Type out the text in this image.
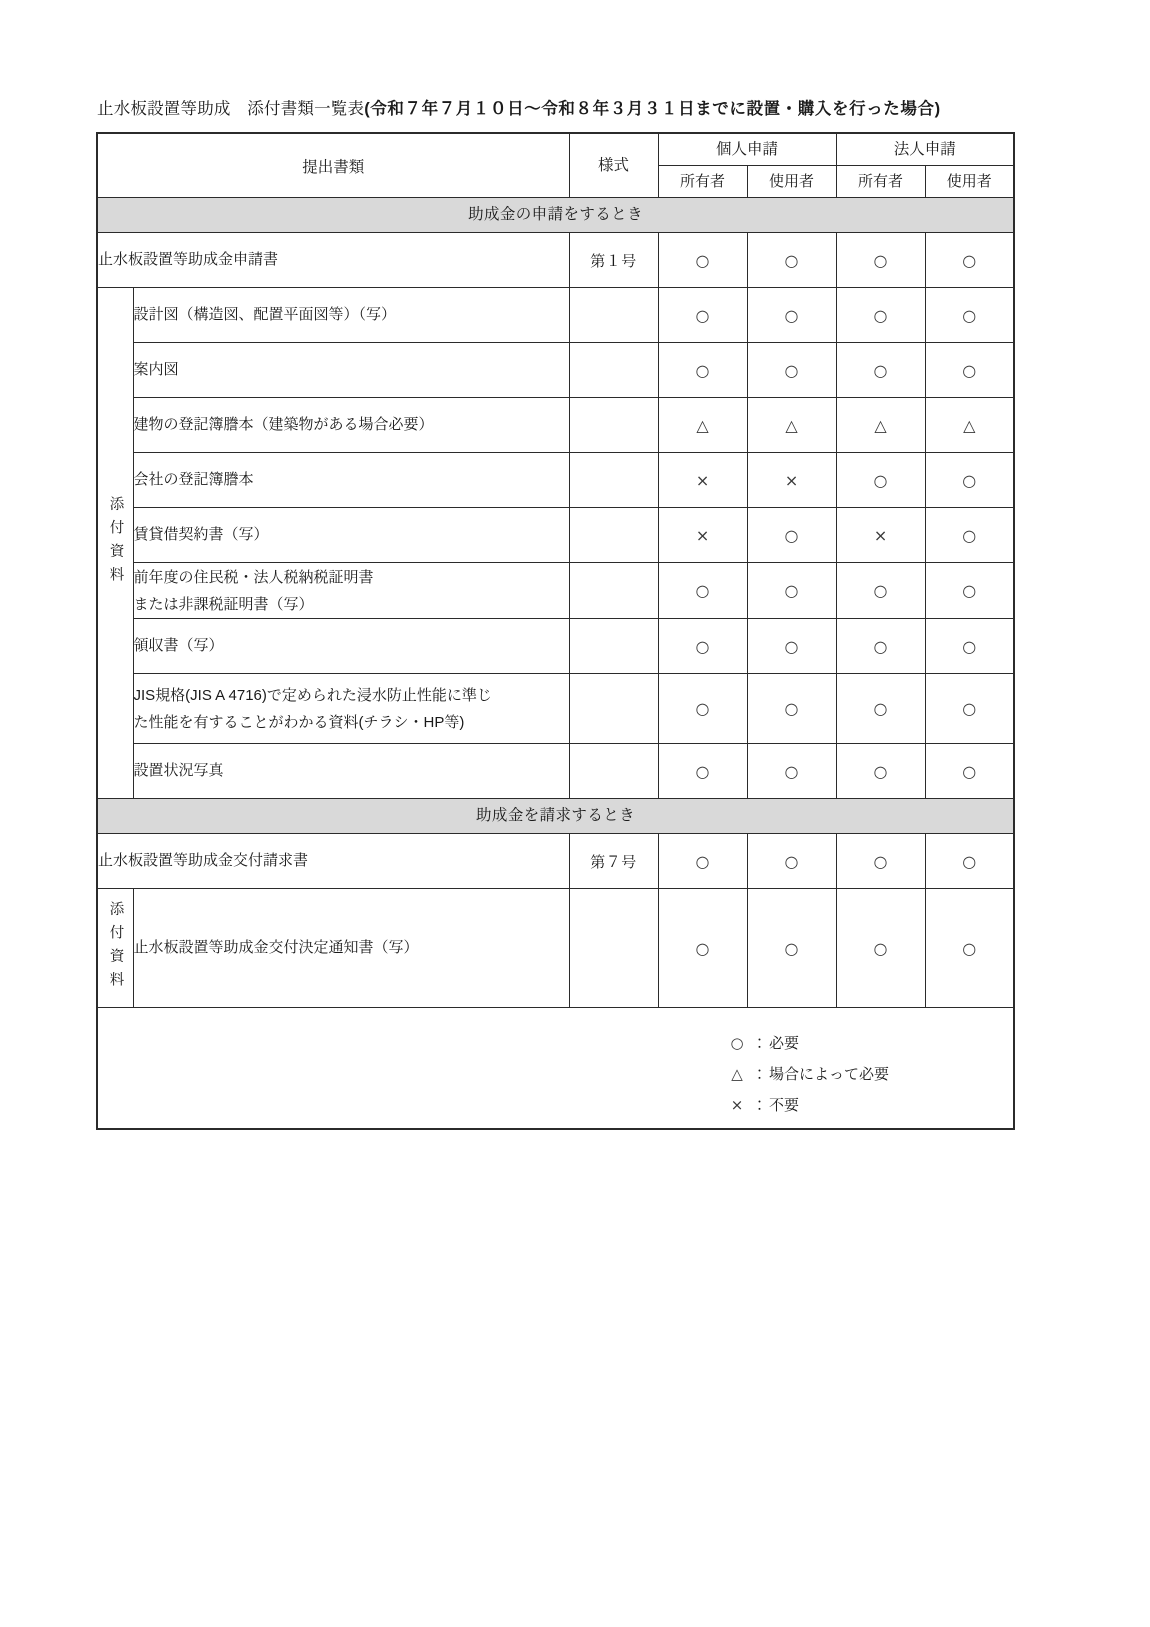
止水板設置等助成　添付書類一覧表(令和７年７月１０日〜令和８年３月３１日までに設置・購入を行った場合)
提出書類		様式	個人申請		法人申請	
			所有者	使用者	所有者	使用者
助成金の申請をするとき						
止水板設置等助成金申請書		第１号	○	○	○	○

添付資料	設計図（構造図、配置平面図等）（写）		○	○	○	○
	案内図		○	○	○	○
	建物の登記簿謄本（建築物がある場合必要）		△	△	△	△
	会社の登記簿謄本		×	×	○	○
	賃貸借契約書（写）		×	○	×	○

	前年度の住民税・法人税納税証明書
または非課税証明書（写）		○	○	○	○
	領収書（写）		○	○	○	○

	JIS規格(JIS A 4716)で定められた浸水防止性能に準じ
た性能を有することがわかる資料(チラシ・HP等)		○	○	○	○
	設置状況写真		○	○	○	○
助成金を請求するとき						
止水板設置等助成金交付請求書		第７号	○	○	○	○

添付資料	止水板設置等助成金交付決定通知書（写）		○	○	○	○

○ ： 必要
△ ： 場合によって必要
× ： 不要						
